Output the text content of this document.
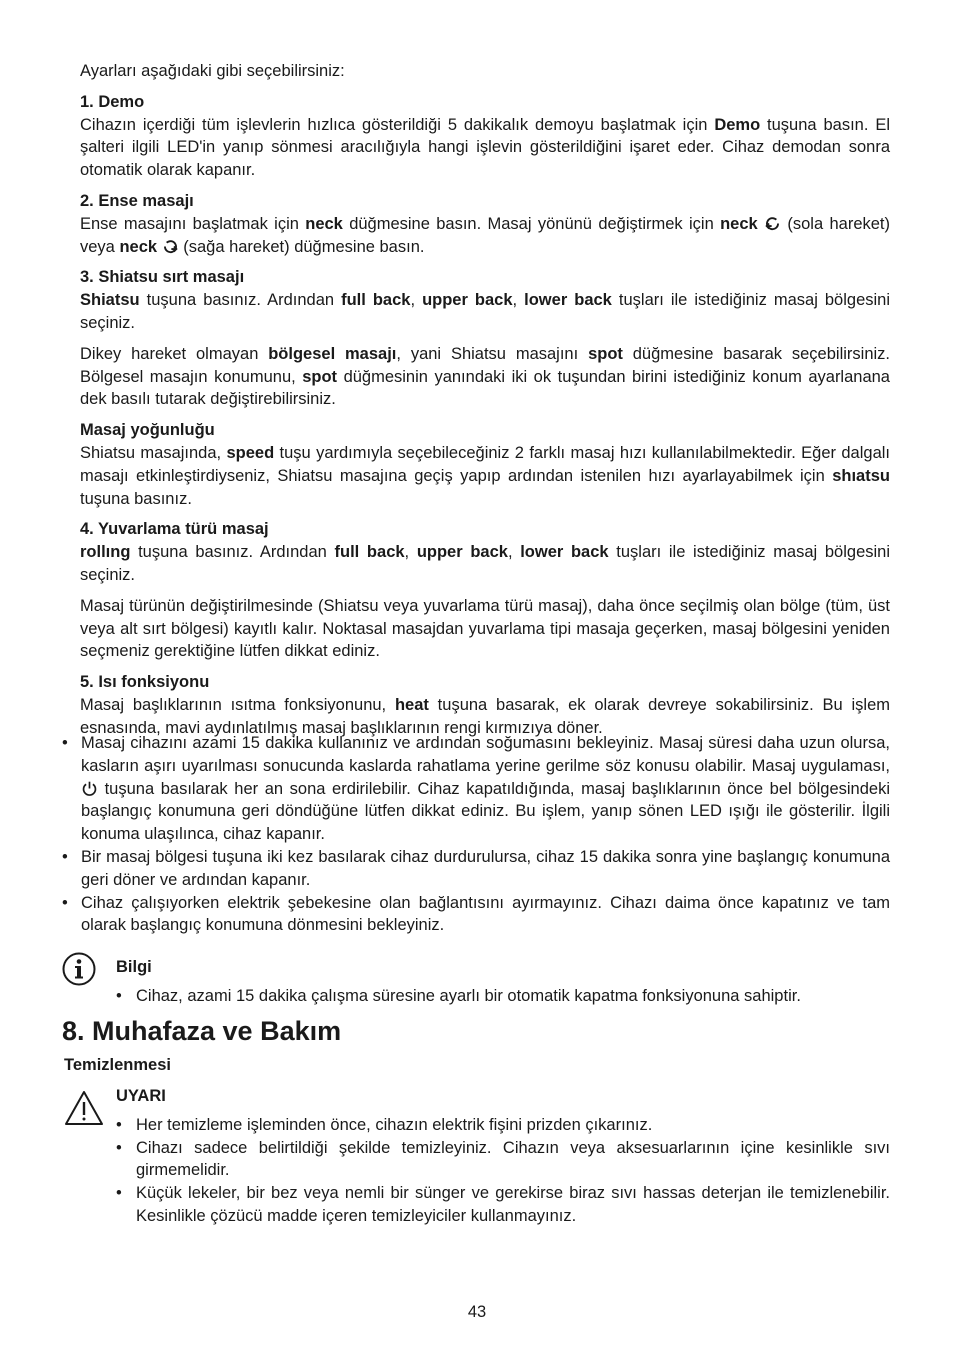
Ayarları aşağıdaki gibi seçebilirsiniz:

1. Demo

Cihazın içerdiği tüm işlevlerin hızlıca gösterildiği 5 dakikalık demoyu başlatmak için Demo tuşuna basın. El şalteri ilgili LED'in yanıp sönmesi aracılığıyla hangi işlevin gösterildiğini işaret eder. Cihaz demodan sonra otomatik olarak kapanır.

2. Ense masajı

Ense masajını başlatmak için neck düğmesine basın. Masaj yönünü değiştirmek için neck  (sola hareket) veya neck  (sağa hareket) düğmesine basın.

3. Shiatsu sırt masajı

Shiatsu tuşuna basınız. Ardından full back, upper back, lower back tuşları ile istediğiniz masaj bölgesini seçiniz.

Dikey hareket olmayan bölgesel masajı, yani Shiatsu masajını spot düğmesine basarak seçebilirsiniz. Bölgesel masajın konumunu, spot düğmesinin yanındaki iki ok tuşundan birini istediğiniz konum ayarlanana dek basılı tutarak değiştirebilirsiniz.

Masaj yoğunluğu

Shiatsu masajında, speed tuşu yardımıyla seçebileceğiniz 2 farklı masaj hızı kullanılabilmektedir. Eğer dalgalı masajı etkinleştirdiyseniz, Shiatsu masajına geçiş yapıp ardından istenilen hızı ayarlayabilmek için shıatsu tuşuna basınız.

4. Yuvarlama türü masaj

rollıng tuşuna basınız. Ardından full back, upper back, lower back tuşları ile istediğiniz masaj bölgesini seçiniz.

Masaj türünün değiştirilmesinde (Shiatsu veya yuvarlama türü masaj), daha önce seçilmiş olan bölge (tüm, üst veya alt sırt bölgesi) kayıtlı kalır. Noktasal masajdan yuvarlama tipi masaja geçerken, masaj bölgesini yeniden seçmeniz gerektiğine lütfen dikkat ediniz.

5. Isı fonksiyonu

Masaj başlıklarının ısıtma fonksiyonunu, heat tuşuna basarak, ek olarak devreye sokabilirsiniz. Bu işlem esnasında, mavi aydınlatılmış masaj başlıklarının rengi kırmızıya döner.

• Masaj cihazını azami 15 dakika kullanınız ve ardından soğumasını bekleyiniz. Masaj süresi daha uzun olursa, kasların aşırı uyarılması sonucunda kaslarda rahatlama yerine gerilme söz konusu olabilir. Masaj uygulaması,  tuşuna basılarak her an sona erdirilebilir. Cihaz kapatıldığında, masaj başlıklarının önce bel bölgesindeki başlangıç konumuna geri döndüğüne lütfen dikkat ediniz. Bu işlem, yanıp sönen LED ışığı ile gösterilir. İlgili konuma ulaşılınca, cihaz kapanır.
• Bir masaj bölgesi tuşuna iki kez basılarak cihaz durdurulursa, cihaz 15 dakika sonra yine başlangıç konumuna geri döner ve ardından kapanır.
• Cihaz çalışıyorken elektrik şebekesine olan bağlantısını ayırmayınız. Cihazı daima önce kapatınız ve tam olarak başlangıç konumuna dönmesini bekleyiniz.

Bilgi

• Cihaz, azami 15 dakika çalışma süresine ayarlı bir otomatik kapatma fonksiyonuna sahiptir.
8. Muhafaza ve Bakım
Temizlenmesi

UYARI

• Her temizleme işleminden önce, cihazın elektrik fişini prizden çıkarınız.
• Cihazı sadece belirtildiği şekilde temizleyiniz. Cihazın veya aksesuarlarının içine kesinlikle sıvı girmemelidir.
• Küçük lekeler, bir bez veya nemli bir sünger ve gerekirse biraz sıvı hassas deterjan ile temizlenebilir. Kesinlikle çözücü madde içeren temizleyiciler kullanmayınız.
43
